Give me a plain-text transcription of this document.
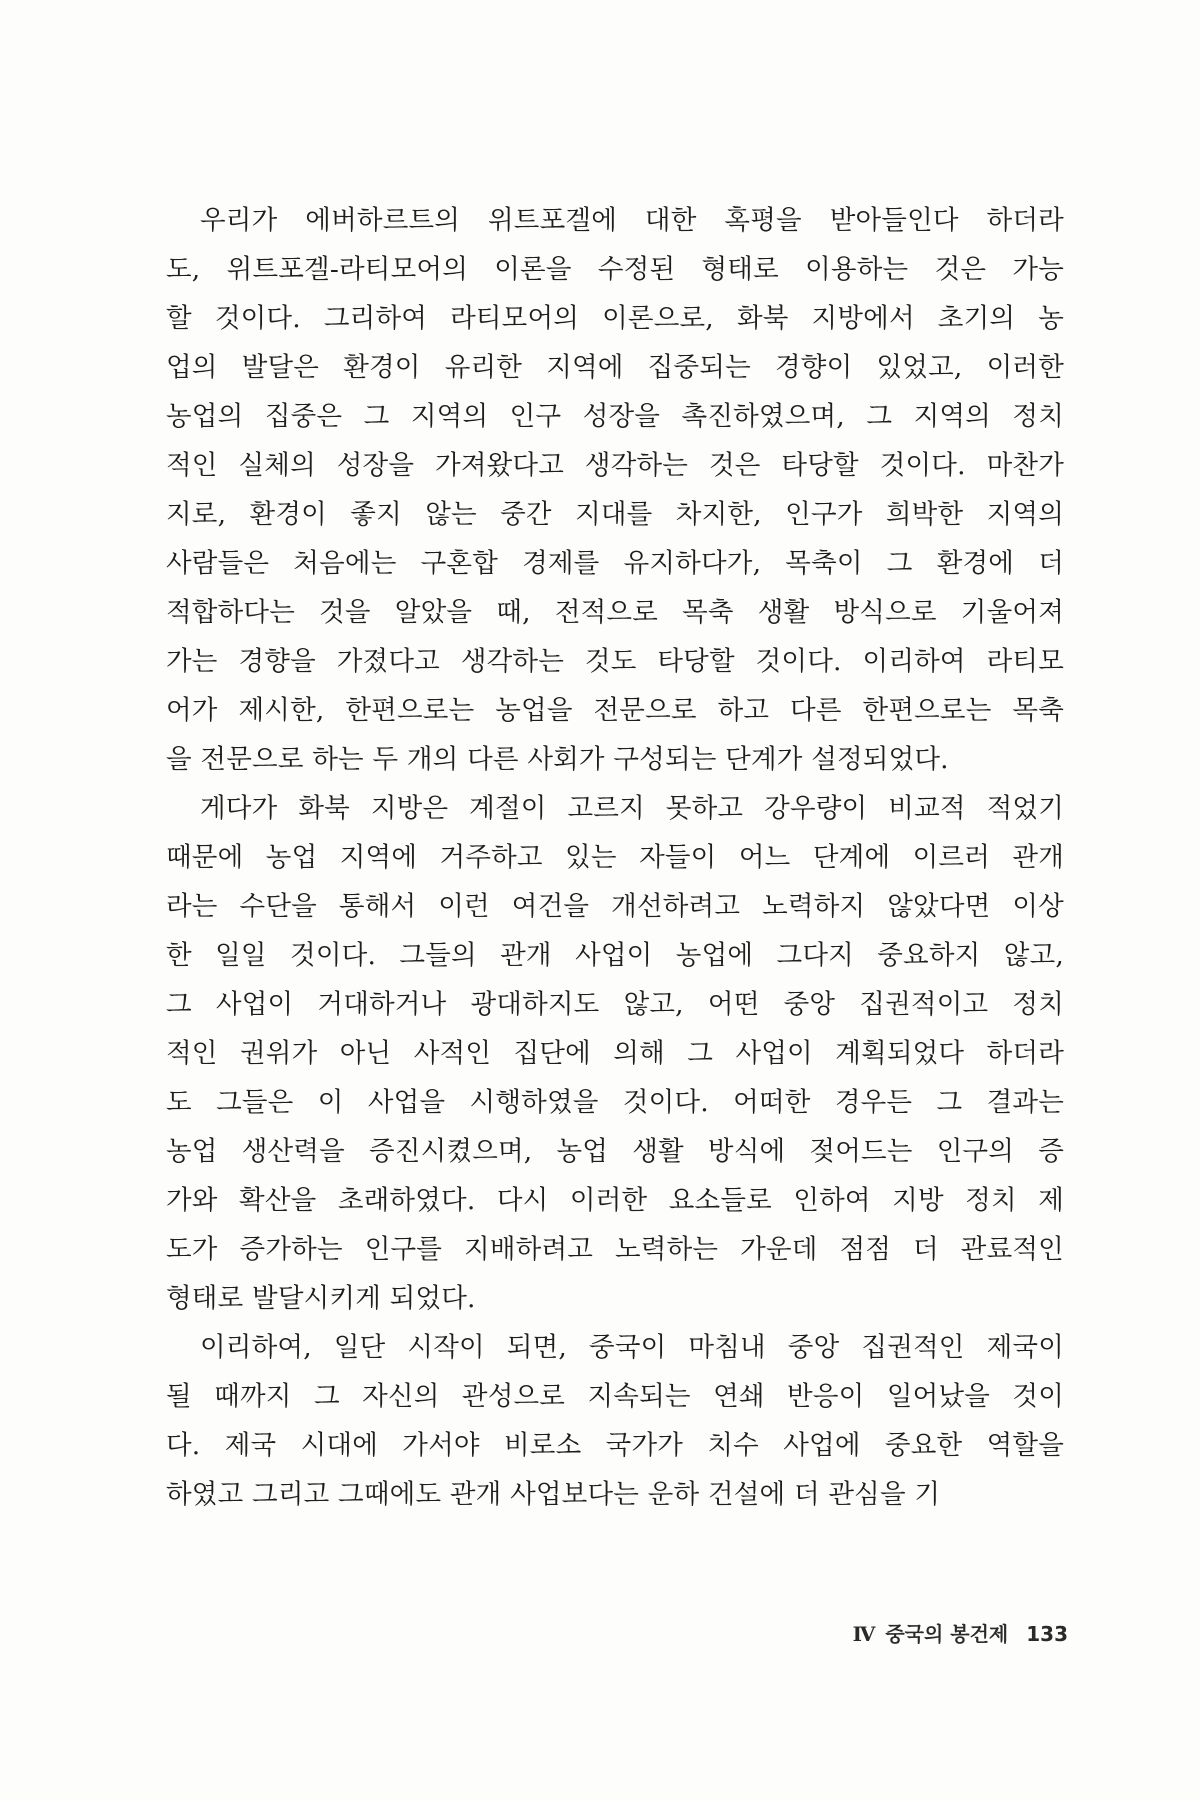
우리가 에버하르트의 위트포겔에 대한 혹평을 받아들인다 하더라
도, 위트포겔-라티모어의 이론을 수정된 형태로 이용하는 것은 가능
할 것이다. 그리하여 라티모어의 이론으로, 화북 지방에서 초기의 농
업의 발달은 환경이 유리한 지역에 집중되는 경향이 있었고, 이러한
농업의 집중은 그 지역의 인구 성장을 촉진하였으며, 그 지역의 정치
적인 실체의 성장을 가져왔다고 생각하는 것은 타당할 것이다. 마찬가
지로, 환경이 좋지 않는 중간 지대를 차지한, 인구가 희박한 지역의
사람들은 처음에는 구혼합 경제를 유지하다가, 목축이 그 환경에 더
적합하다는 것을 알았을 때, 전적으로 목축 생활 방식으로 기울어져
가는 경향을 가졌다고 생각하는 것도 타당할 것이다. 이리하여 라티모
어가 제시한, 한편으로는 농업을 전문으로 하고 다른 한편으로는 목축
을 전문으로 하는 두 개의 다른 사회가 구성되는 단계가 설정되었다.
게다가 화북 지방은 계절이 고르지 못하고 강우량이 비교적 적었기
때문에 농업 지역에 거주하고 있는 자들이 어느 단계에 이르러 관개
라는 수단을 통해서 이런 여건을 개선하려고 노력하지 않았다면 이상
한 일일 것이다. 그들의 관개 사업이 농업에 그다지 중요하지 않고,
그 사업이 거대하거나 광대하지도 않고, 어떤 중앙 집권적이고 정치
적인 권위가 아닌 사적인 집단에 의해 그 사업이 계획되었다 하더라
도 그들은 이 사업을 시행하였을 것이다. 어떠한 경우든 그 결과는
농업 생산력을 증진시켰으며, 농업 생활 방식에 젖어드는 인구의 증
가와 확산을 초래하였다. 다시 이러한 요소들로 인하여 지방 정치 제
도가 증가하는 인구를 지배하려고 노력하는 가운데 점점 더 관료적인
형태로 발달시키게 되었다.
이리하여, 일단 시작이 되면, 중국이 마침내 중앙 집권적인 제국이
될 때까지 그 자신의 관성으로 지속되는 연쇄 반응이 일어났을 것이
다. 제국 시대에 가서야 비로소 국가가 치수 사업에 중요한 역할을
하였고 그리고 그때에도 관개 사업보다는 운하 건설에 더 관심을 기
Ⅳ 중국의 봉건제 133
